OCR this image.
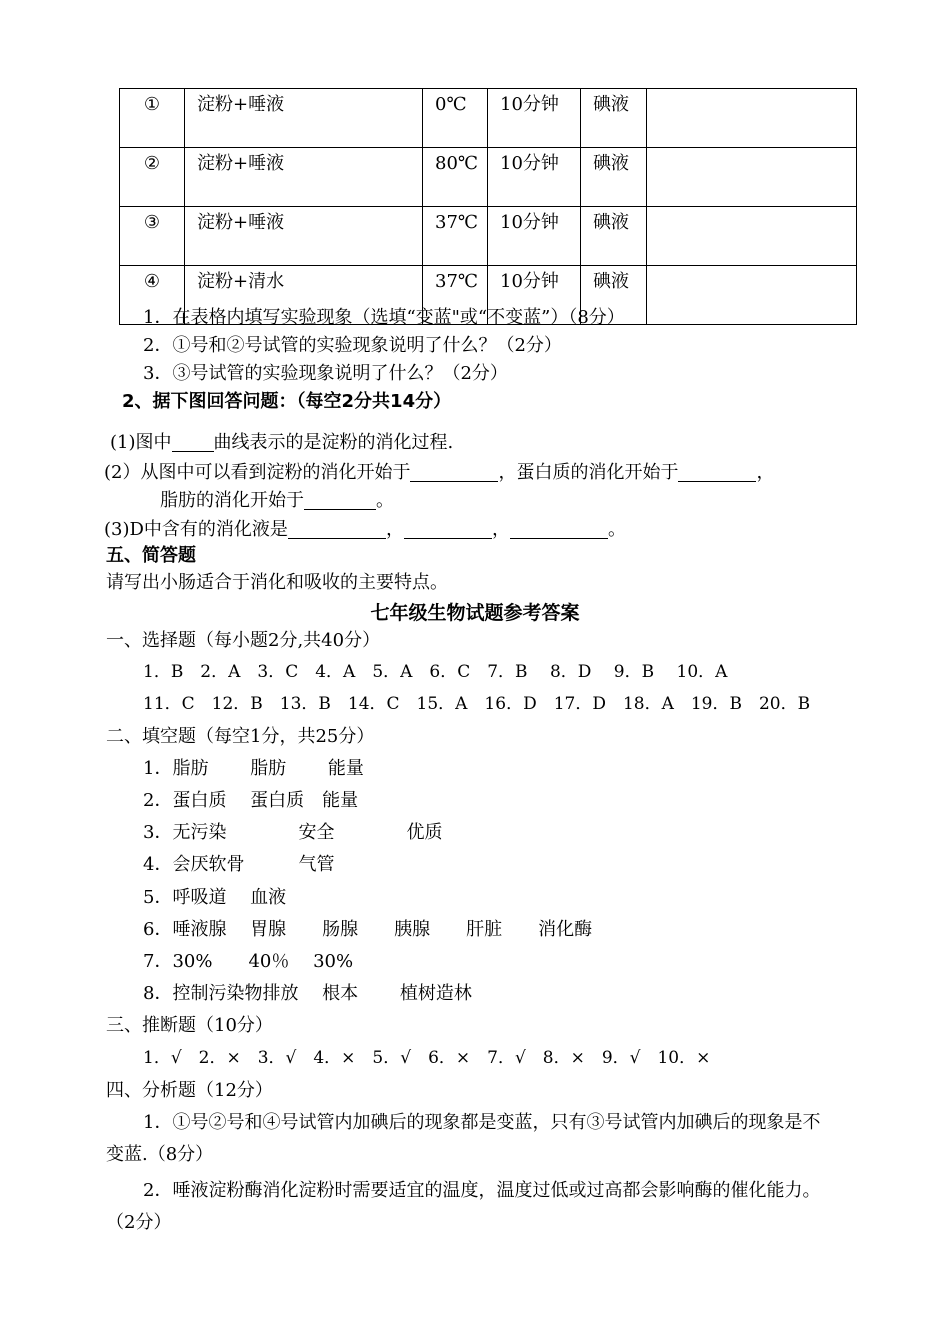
①	淀粉+唾液	0℃	10分钟	碘液	
②	淀粉+唾液	80℃	10分钟	碘液	
③	淀粉+唾液	37℃	10分钟	碘液	
④	淀粉+清水	37℃	10分钟	碘液	
1．在表格内填写实验现象（选填“变蓝"或“不变蓝”）（8分）
2．①号和②号试管的实验现象说明了什么？（2分）
3．③号试管的实验现象说明了什么？（2分）
2、据下图回答问题：（每空2分共14分）
(1)图中 曲线表示的是淀粉的消化过程.
(2）从图中可以看到淀粉的消化开始于	，蛋白质的消化开始于	，
脂肪的消化开始于	。
(3)D中含有的消化液是	，	，	。
五、简答题
请写出小肠适合于消化和吸收的主要特点。
七年级生物试题参考答案
一、选择题（每小题2分,共40分）
1．B　2．A　3．C　4．A　5．A　6．C　7．B　 8．D　 9．B　 10．A
11．C　12．B　13．B　14．C　15．A　16．D　17．D　18．A　19．B　20．B
二、填空题（每空1分，共25分）
1．脂肪　　 脂肪　　 能量
2．蛋白质　 蛋白质　能量
3．无污染　　　　安全　　　　优质
4．会厌软骨　　　气管
5．呼吸道　 血液
6．唾液腺　 胃腺　　肠腺　　胰腺　　肝脏　　消化酶
7．30%　　40％　 30%
8．控制污染物排放　 根本　　 植树造林
三、推断题（10分）
1．√　2．×　3．√　4．×　5．√　6．×　7．√　8．×　9．√　10．×
四、分析题（12分）
1．①号②号和④号试管内加碘后的现象都是变蓝，只有③号试管内加碘后的现象是不
变蓝.（8分）
2．唾液淀粉酶消化淀粉时需要适宜的温度，温度过低或过高都会影响酶的催化能力。
（2分）
